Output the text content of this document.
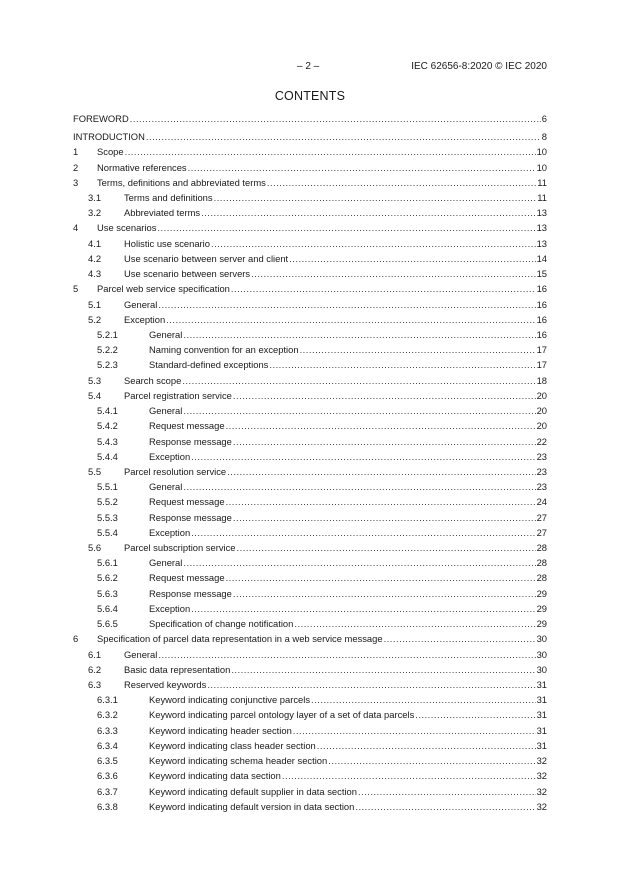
– 2 –	IEC 62656-8:2020 © IEC 2020
CONTENTS
FOREWORD .....	6
INTRODUCTION .....	8
1	Scope .....	10
2	Normative references .....	10
3	Terms, definitions and abbreviated terms .....	11
3.1	Terms and definitions .....	11
3.2	Abbreviated terms .....	13
4	Use scenarios .....	13
4.1	Holistic use scenario .....	13
4.2	Use scenario between server and client .....	14
4.3	Use scenario between servers .....	15
5	Parcel web service specification .....	16
5.1	General .....	16
5.2	Exception .....	16
5.2.1	General .....	16
5.2.2	Naming convention for an exception .....	17
5.2.3	Standard-defined exceptions .....	17
5.3	Search scope .....	18
5.4	Parcel registration service .....	20
5.4.1	General .....	20
5.4.2	Request message .....	20
5.4.3	Response message .....	22
5.4.4	Exception .....	23
5.5	Parcel resolution service .....	23
5.5.1	General .....	23
5.5.2	Request message .....	24
5.5.3	Response message .....	27
5.5.4	Exception .....	27
5.6	Parcel subscription service .....	28
5.6.1	General .....	28
5.6.2	Request message .....	28
5.6.3	Response message .....	29
5.6.4	Exception .....	29
5.6.5	Specification of change notification .....	29
6	Specification of parcel data representation in a web service message .....	30
6.1	General .....	30
6.2	Basic data representation .....	30
6.3	Reserved keywords .....	31
6.3.1	Keyword indicating conjunctive parcels .....	31
6.3.2	Keyword indicating parcel ontology layer of a set of data parcels .....	31
6.3.3	Keyword indicating header section .....	31
6.3.4	Keyword indicating class header section .....	31
6.3.5	Keyword indicating schema header section .....	32
6.3.6	Keyword indicating data section .....	32
6.3.7	Keyword indicating default supplier in data section .....	32
6.3.8	Keyword indicating default version in data section .....	32
